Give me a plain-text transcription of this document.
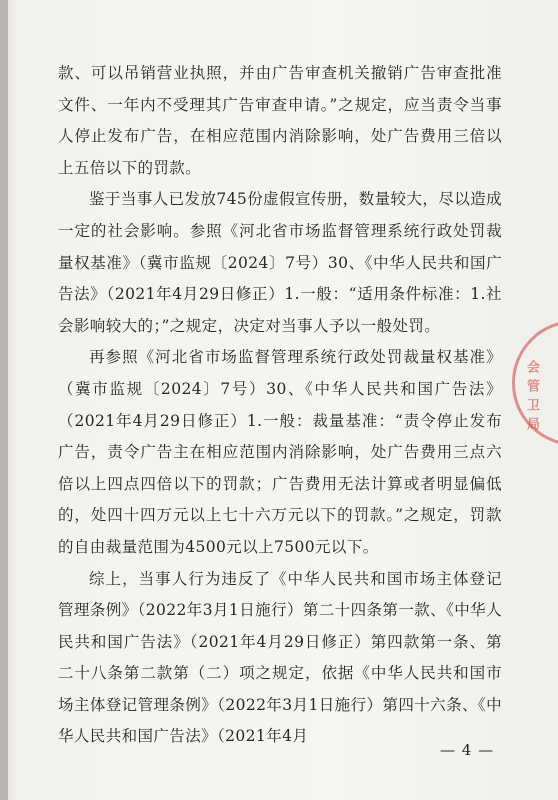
款、可以吊销营业执照，并由广告审查机关撤销广告审查批准文件、一年内不受理其广告审查申请。”之规定，应当责令当事人停止发布广告，在相应范围内消除影响，处广告费用三倍以上五倍以下的罚款。

鉴于当事人已发放745份虚假宣传册，数量较大，尽以造成一定的社会影响。参照《河北省市场监督管理系统行政处罚裁量权基准》（冀市监规〔2024〕7号）30、《中华人民共和国广告法》（2021年4月29日修正）1.一般：“适用条件标准：1.社会影响较大的；”之规定，决定对当事人予以一般处罚。

再参照《河北省市场监督管理系统行政处罚裁量权基准》（冀市监规〔2024〕7号）30、《中华人民共和国广告法》（2021年4月29日修正）1.一般：裁量基准：“责令停止发布广告，责令广告主在相应范围内消除影响，处广告费用三点六倍以上四点四倍以下的罚款；广告费用无法计算或者明显偏低的，处四十四万元以上七十六万元以下的罚款。”之规定，罚款的自由裁量范围为4500元以上7500元以下。

综上，当事人行为违反了《中华人民共和国市场主体登记管理条例》（2022年3月1日施行）第二十四条第一款、《中华人民共和国广告法》（2021年4月29日修正）第四款第一条、第二十八条第二款第（二）项之规定，依据《中华人民共和国市场主体登记管理条例》（2022年3月1日施行）第四十六条、《中华人民共和国广告法》（2021年4月

会管卫局
— 4 —
